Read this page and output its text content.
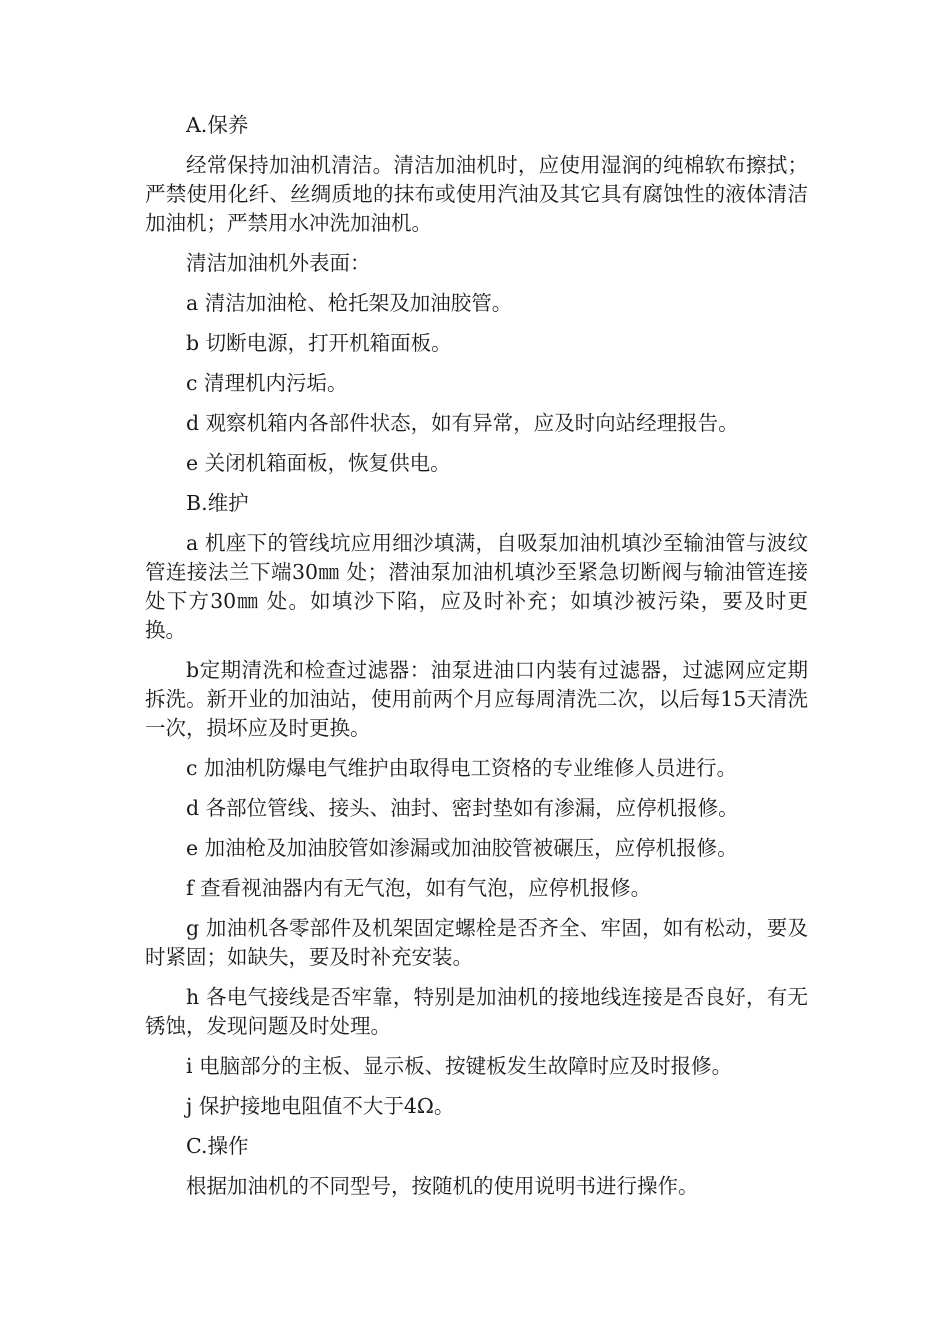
A.保养

经常保持加油机清洁。清洁加油机时，应使用湿润的纯棉软布擦拭；严禁使用化纤、丝绸质地的抹布或使用汽油及其它具有腐蚀性的液体清洁加油机；严禁用水冲洗加油机。

清洁加油机外表面：

a 清洁加油枪、枪托架及加油胶管。

b 切断电源，打开机箱面板。

c 清理机内污垢。

d 观察机箱内各部件状态，如有异常，应及时向站经理报告。

e 关闭机箱面板，恢复供电。

B.维护

a 机座下的管线坑应用细沙填满，自吸泵加油机填沙至输油管与波纹管连接法兰下端30㎜ 处；潜油泵加油机填沙至紧急切断阀与输油管连接处下方30㎜ 处。如填沙下陷，应及时补充；如填沙被污染，要及时更换。

b定期清洗和检查过滤器：油泵进油口内装有过滤器，过滤网应定期拆洗。新开业的加油站，使用前两个月应每周清洗二次，以后每15天清洗一次，损坏应及时更换。

c 加油机防爆电气维护由取得电工资格的专业维修人员进行。

d 各部位管线、接头、油封、密封垫如有渗漏，应停机报修。

e 加油枪及加油胶管如渗漏或加油胶管被碾压，应停机报修。

f 查看视油器内有无气泡，如有气泡，应停机报修。

g 加油机各零部件及机架固定螺栓是否齐全、牢固，如有松动，要及时紧固；如缺失，要及时补充安装。

h 各电气接线是否牢靠，特别是加油机的接地线连接是否良好，有无锈蚀，发现问题及时处理。

i 电脑部分的主板、显示板、按键板发生故障时应及时报修。

j 保护接地电阻值不大于4Ω。

C.操作

根据加油机的不同型号，按随机的使用说明书进行操作。
